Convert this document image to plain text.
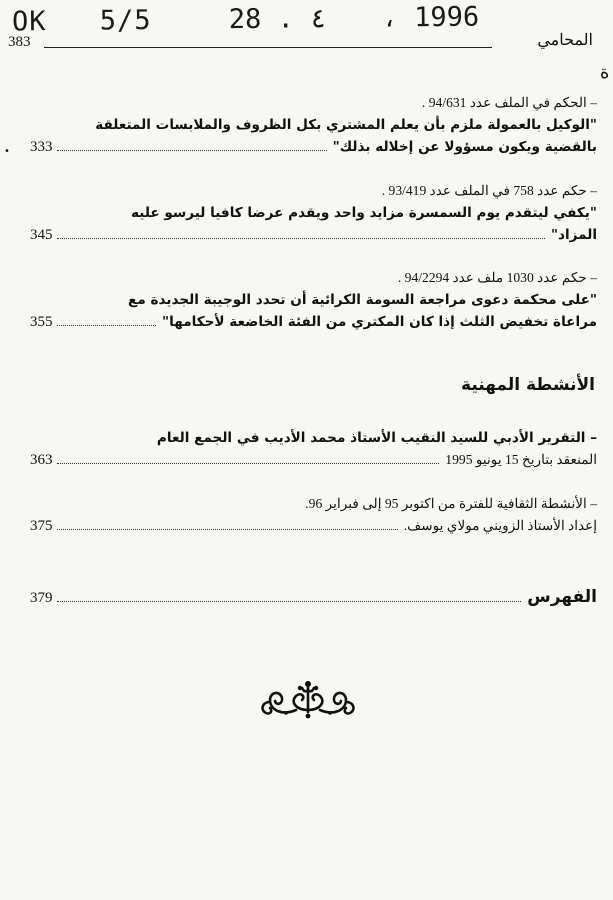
OK 5/5	28 . ٤ ، 1996
383	المحامي
ﺓ
•
– الحكم في الملف عدد 94/631 .
"الوكيل بالعمولة ملزم بأن يعلم المشتري بكل الظروف والملابسات المتعلقة
بالقضية ويكون مسؤولا عن إخلاله بذلك"
333
– حكم عدد 758 في الملف عدد 93/419 .
"يكفي ليتقدم يوم السمسرة مزايد واحد ويقدم عرضا كافيا ليرسو عليه
المزاد"
345
– حكم عدد 1030 ملف عدد 94/2294 .
"على محكمة دعوى مراجعة السومة الكرائية أن تحدد الوجيبة الجديدة مع
مراعاة تخفيض الثلث إذا كان المكتري من الفئة الخاضعة لأحكامها"
355
الأنشطة المهنية
– التقرير الأدبي للسيد النقيب الأستاذ محمد الأديب في الجمع العام
المنعقد بتاريخ 15 يونيو 1995
363
– الأنشطة الثقافية للفترة من اكتوبر 95 إلى فبراير 96.
إعداد الأستاذ الزويني مولاي يوسف.
375
الفهرس
379
